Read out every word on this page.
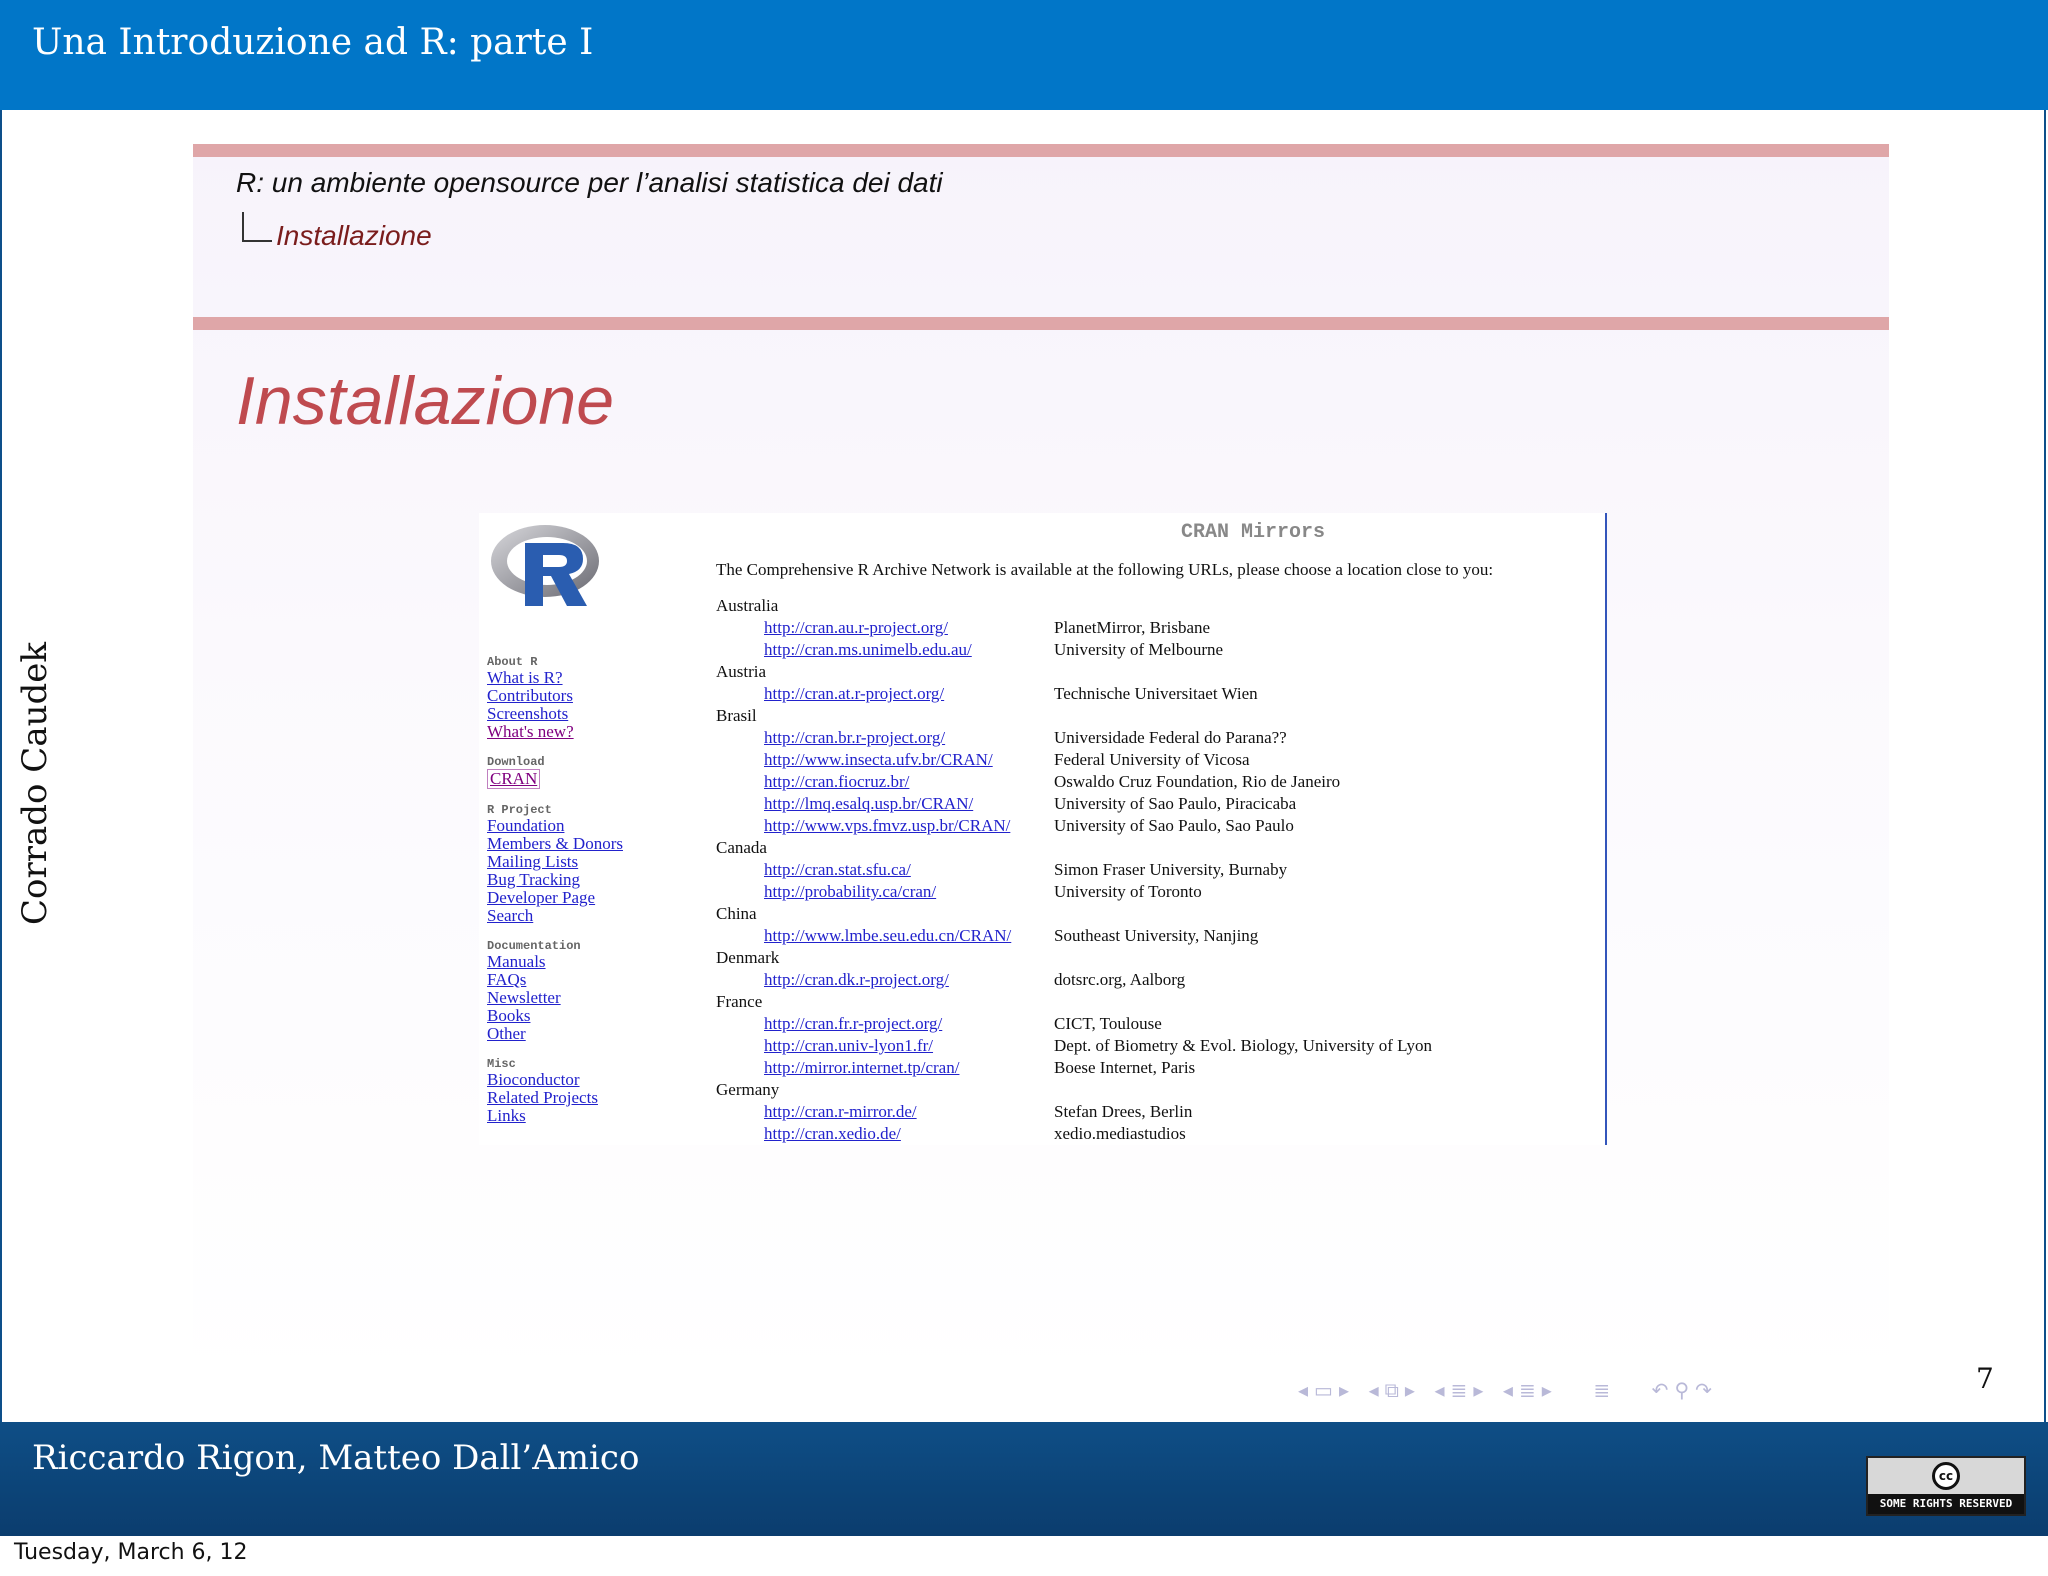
Una Introduzione ad R: parte I
R: un ambiente opensource per l’analisi statistica dei dati
Installazione
Installazione
Corrado Caudek
CRAN Mirrors
The Comprehensive R Archive Network is available at the following URLs, please choose a location close to you:
About R
What is R?
Contributors
Screenshots
What's new?
Download
CRAN
R Project
Foundation
Members & Donors
Mailing Lists
Bug Tracking
Developer Page
Search
Documentation
Manuals
FAQs
Newsletter
Books
Other
Misc
Bioconductor
Related Projects
Links
Australia
http://cran.au.r-project.org/	PlanetMirror, Brisbane
http://cran.ms.unimelb.edu.au/	University of Melbourne
Austria
http://cran.at.r-project.org/	Technische Universitaet Wien
Brasil
http://cran.br.r-project.org/	Universidade Federal do Parana??
http://www.insecta.ufv.br/CRAN/	Federal University of Vicosa
http://cran.fiocruz.br/	Oswaldo Cruz Foundation, Rio de Janeiro
http://lmq.esalq.usp.br/CRAN/	University of Sao Paulo, Piracicaba
http://www.vps.fmvz.usp.br/CRAN/	University of Sao Paulo, Sao Paulo
Canada
http://cran.stat.sfu.ca/	Simon Fraser University, Burnaby
http://probability.ca/cran/	University of Toronto
China
http://www.lmbe.seu.edu.cn/CRAN/	Southeast University, Nanjing
Denmark
http://cran.dk.r-project.org/	dotsrc.org, Aalborg
France
http://cran.fr.r-project.org/	CICT, Toulouse
http://cran.univ-lyon1.fr/	Dept. of Biometry & Evol. Biology, University of Lyon
http://mirror.internet.tp/cran/	Boese Internet, Paris
Germany
http://cran.r-mirror.de/	Stefan Drees, Berlin
http://cran.xedio.de/	xedio.mediastudios
◂ ▭ ▸ ◂ ⧉ ▸ ◂ ≣ ▸ ◂ ≣ ▸ ≣ ↶ ⚲ ↷	7
Riccardo Rigon, Matteo Dall’Amico	cc
SOME RIGHTS RESERVED
Tuesday, March 6, 12
